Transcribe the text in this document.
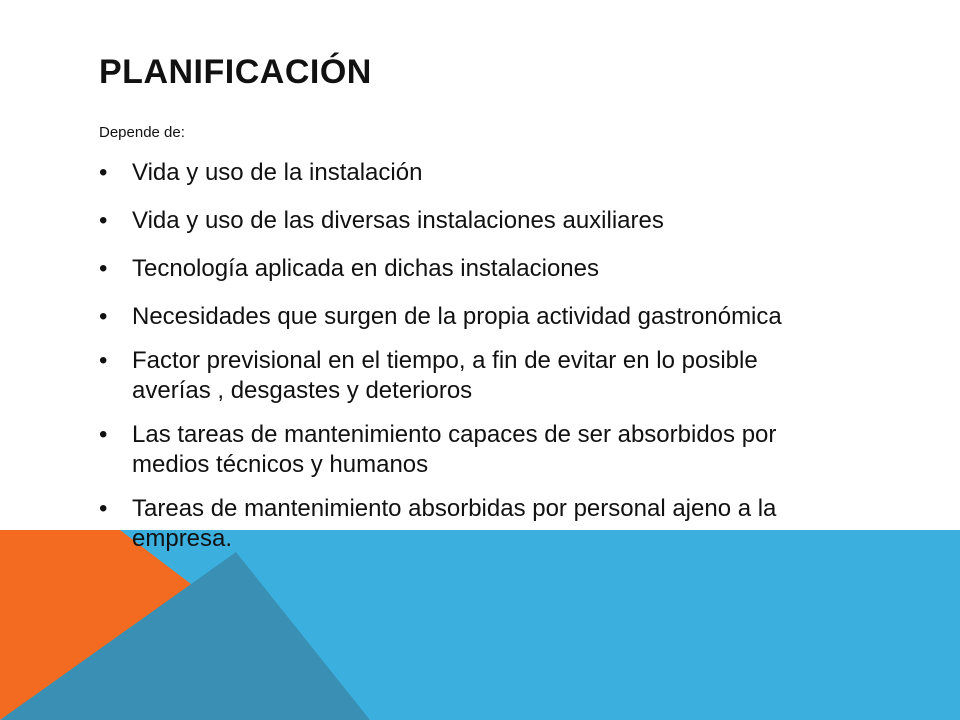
PLANIFICACIÓN

Depende de:

• Vida y uso de la instalación
• Vida y uso de las diversas instalaciones auxiliares
• Tecnología aplicada en dichas instalaciones
• Necesidades que surgen de la propia actividad gastronómica
• Factor previsional en el tiempo, a fin de evitar en lo posible averías , desgastes y deterioros
• Las tareas de mantenimiento capaces de ser absorbidos por medios técnicos y humanos
• Tareas de mantenimiento absorbidas por personal ajeno a la empresa.
